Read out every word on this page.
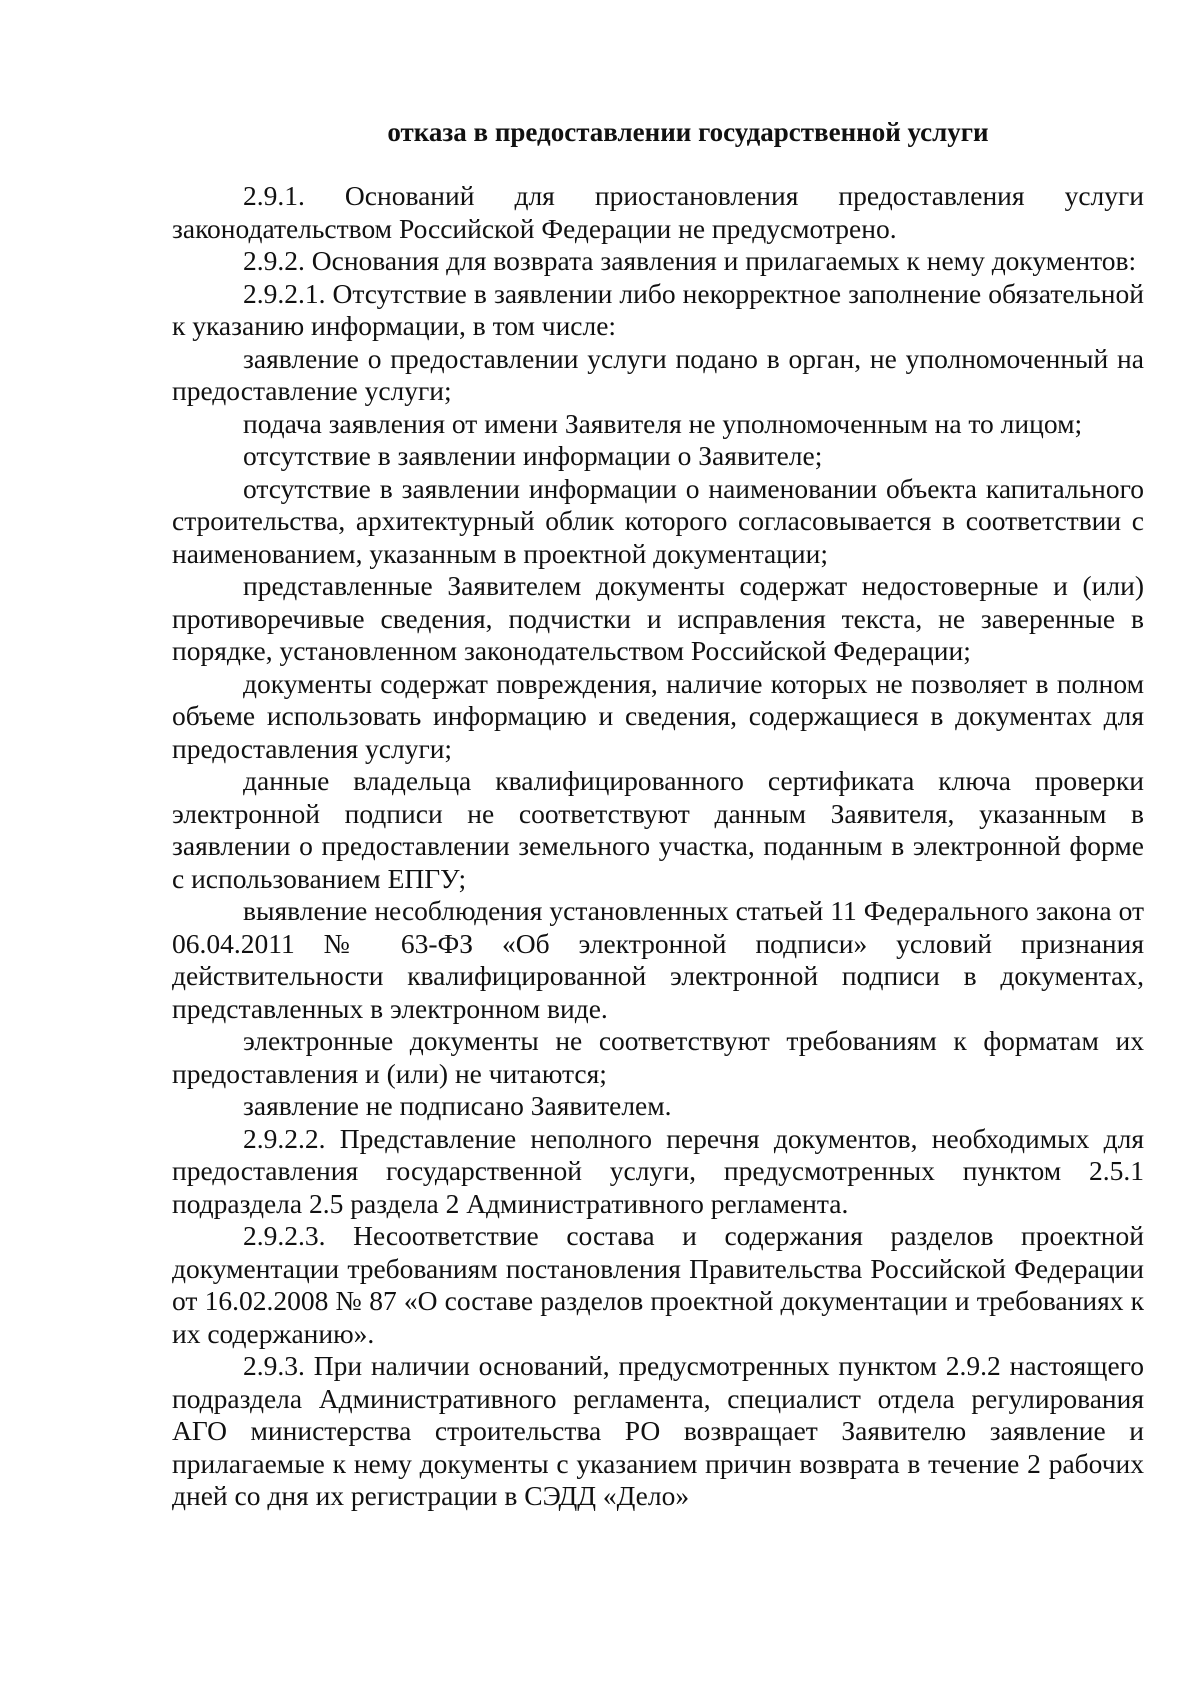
отказа в предоставлении государственной услуги

2.9.1. Оснований для приостановления предоставления услуги законодательством Российской Федерации не предусмотрено.

2.9.2. Основания для возврата заявления и прилагаемых к нему документов:

2.9.2.1. Отсутствие в заявлении либо некорректное заполнение обязательной к указанию информации, в том числе:

заявление о предоставлении услуги подано в орган, не уполномоченный на предоставление услуги;

подача заявления от имени Заявителя не уполномоченным на то лицом;

отсутствие в заявлении информации о Заявителе;

отсутствие в заявлении информации о наименовании объекта капитального строительства, архитектурный облик которого согласовывается в соответствии с наименованием, указанным в проектной документации;

представленные Заявителем документы содержат недостоверные и (или) противоречивые сведения, подчистки и исправления текста, не заверенные в порядке, установленном законодательством Российской Федерации;

документы содержат повреждения, наличие которых не позволяет в полном объеме использовать информацию и сведения, содержащиеся в документах для предоставления услуги;

данные владельца квалифицированного сертификата ключа проверки электронной подписи не соответствуют данным Заявителя, указанным в заявлении о предоставлении земельного участка, поданным в электронной форме с использованием ЕПГУ;

выявление несоблюдения установленных статьей 11 Федерального закона от 06.04.2011 № 63-ФЗ «Об электронной подписи» условий признания действительности квалифицированной электронной подписи в документах, представленных в электронном виде.

электронные документы не соответствуют требованиям к форматам их предоставления и (или) не читаются;

заявление не подписано Заявителем.

2.9.2.2. Представление неполного перечня документов, необходимых для предоставления государственной услуги, предусмотренных пунктом 2.5.1 подраздела 2.5 раздела 2 Административного регламента.

2.9.2.3. Несоответствие состава и содержания разделов проектной документации требованиям постановления Правительства Российской Федерации от 16.02.2008 № 87 «О составе разделов проектной документации и требованиях к их содержанию».

2.9.3. При наличии оснований, предусмотренных пунктом 2.9.2 настоящего подраздела Административного регламента, специалист отдела регулирования АГО министерства строительства РО возвращает Заявителю заявление и прилагаемые к нему документы с указанием причин возврата в течение 2 рабочих дней со дня их регистрации в СЭДД «Дело»
